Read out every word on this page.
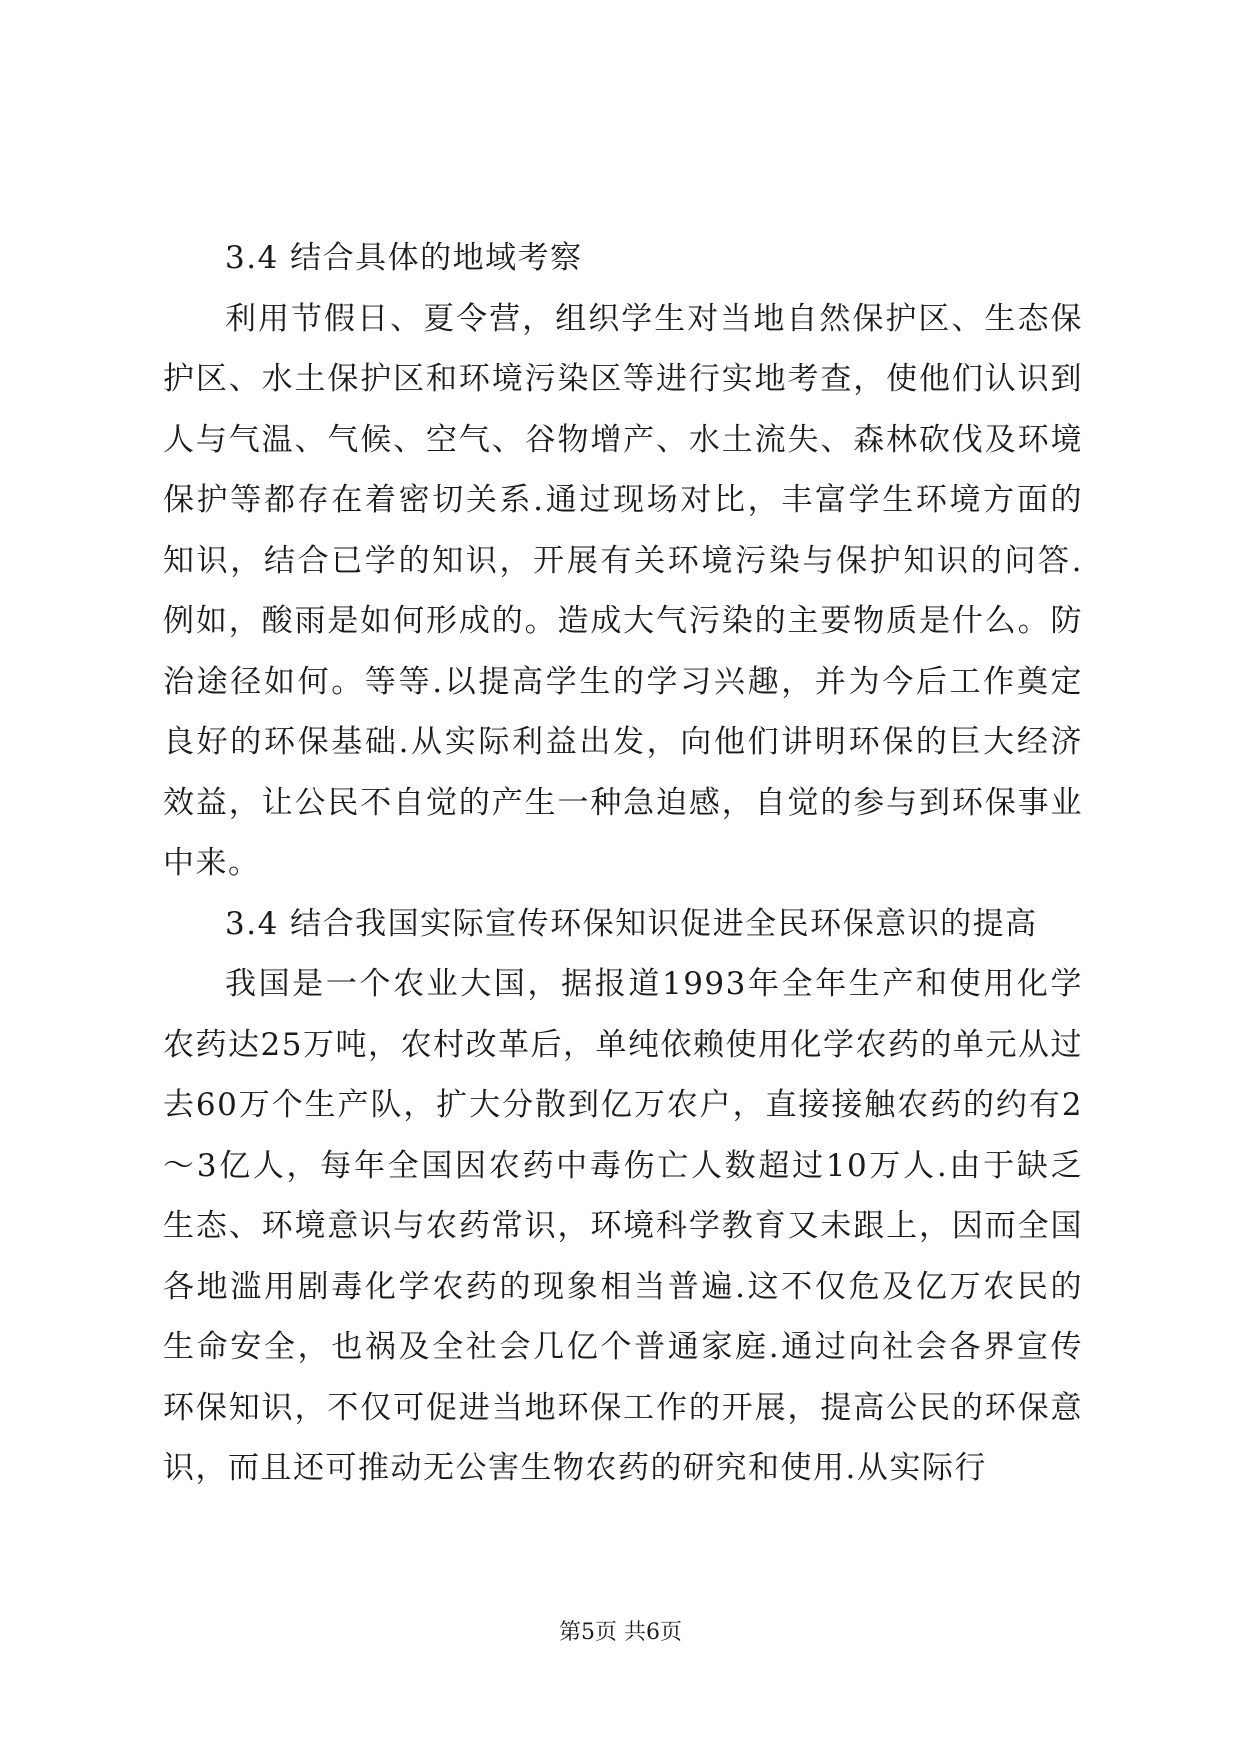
3.4 结合具体的地域考察

利用节假日、夏令营，组织学生对当地自然保护区、生态保护区、水土保护区和环境污染区等进行实地考查，使他们认识到人与气温、气候、空气、谷物增产、水土流失、森林砍伐及环境保护等都存在着密切关系.通过现场对比，丰富学生环境方面的知识，结合已学的知识，开展有关环境污染与保护知识的问答.例如，酸雨是如何形成的。造成大气污染的主要物质是什么。防治途径如何。等等.以提高学生的学习兴趣，并为今后工作奠定良好的环保基础.从实际利益出发，向他们讲明环保的巨大经济效益，让公民不自觉的产生一种急迫感，自觉的参与到环保事业中来。

3.4 结合我国实际宣传环保知识促进全民环保意识的提高

我国是一个农业大国，据报道1993年全年生产和使用化学农药达25万吨，农村改革后，单纯依赖使用化学农药的单元从过去60万个生产队，扩大分散到亿万农户，直接接触农药的约有2～3亿人，每年全国因农药中毒伤亡人数超过10万人.由于缺乏生态、环境意识与农药常识，环境科学教育又未跟上，因而全国各地滥用剧毒化学农药的现象相当普遍.这不仅危及亿万农民的生命安全，也祸及全社会几亿个普通家庭.通过向社会各界宣传环保知识，不仅可促进当地环保工作的开展，提高公民的环保意识，而且还可推动无公害生物农药的研究和使用.从实际行

第5页 共6页
